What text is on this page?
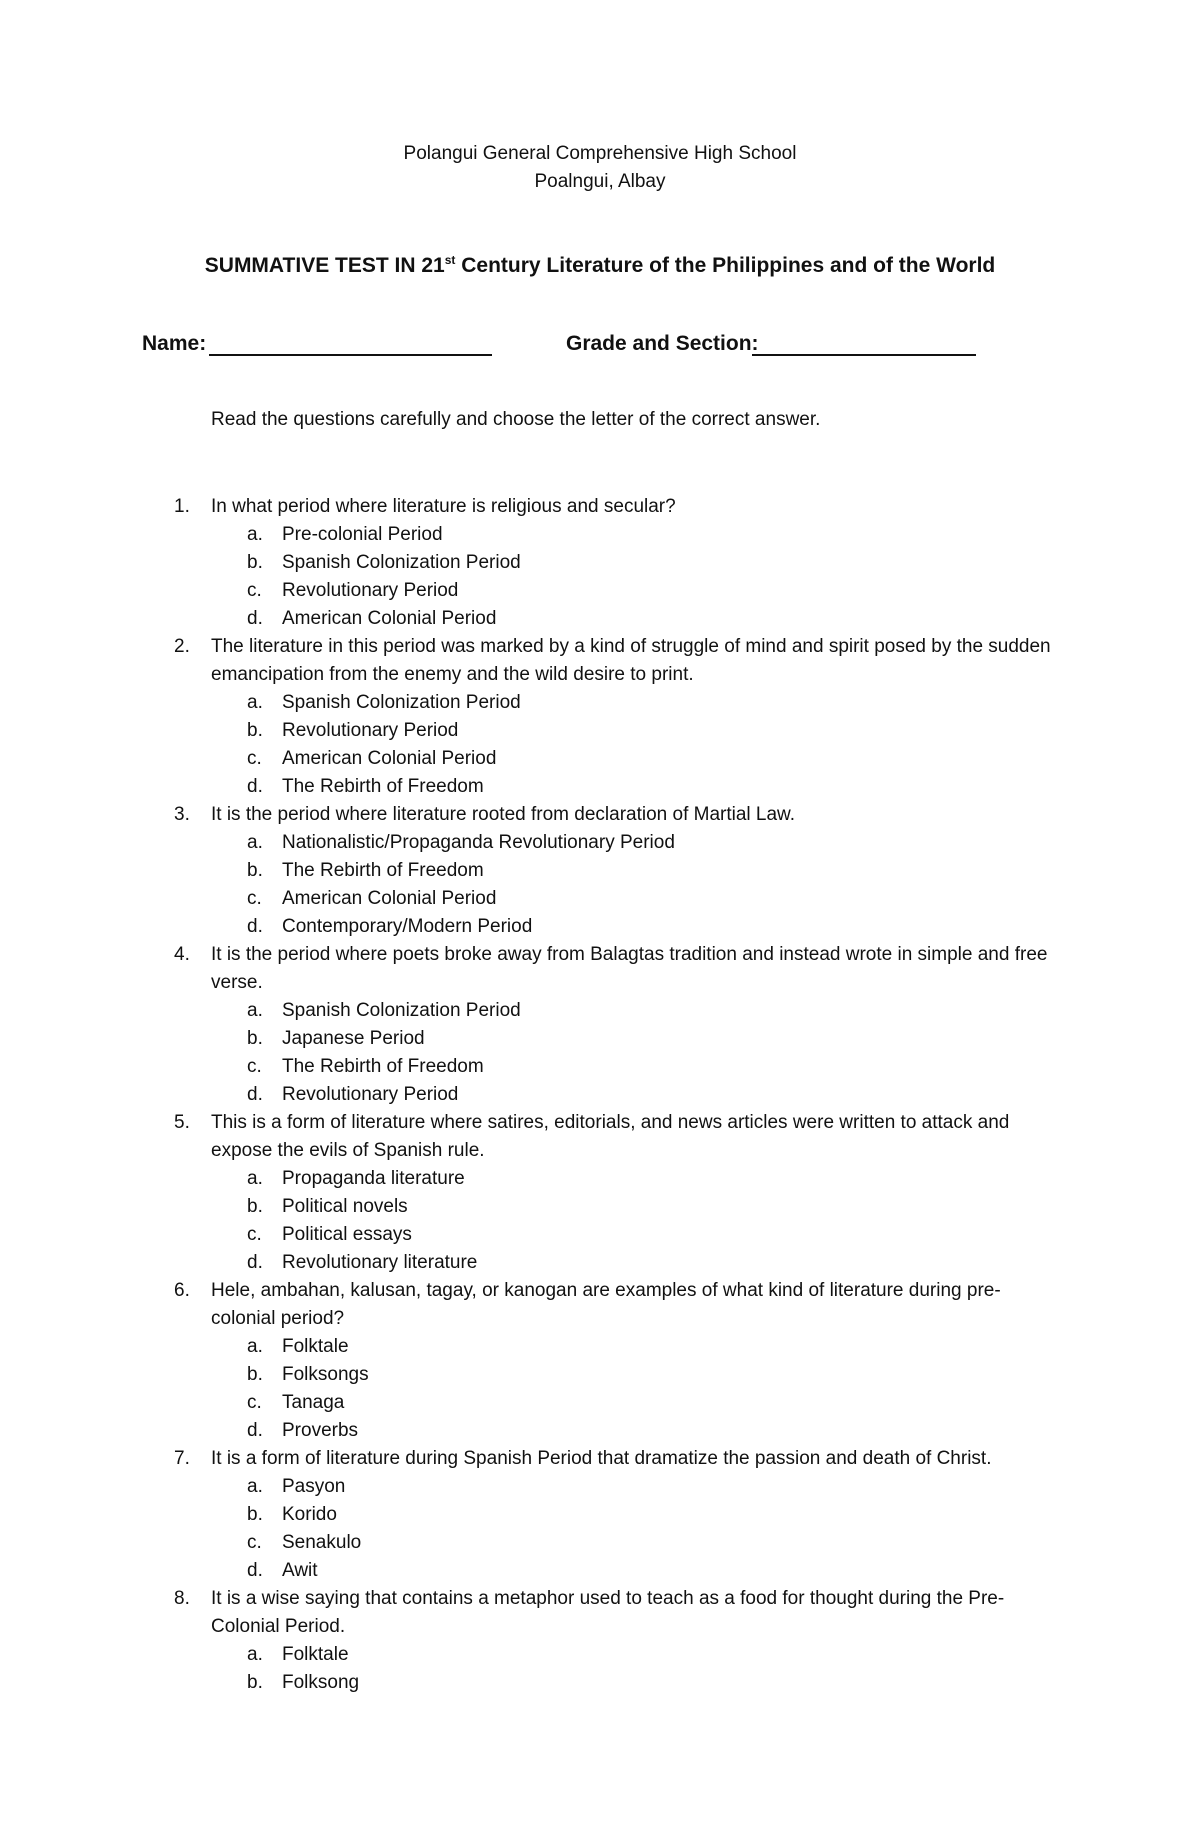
Polangui General Comprehensive High School
Poalngui, Albay
SUMMATIVE TEST IN 21st Century Literature of the Philippines and of the World
Name:	Grade and Section:
Read the questions carefully and choose the letter of the correct answer.
1.	In what period where literature is religious and secular?
a. Pre-colonial Period
b. Spanish Colonization Period
c. Revolutionary Period
d. American Colonial Period
2.	The literature in this period was marked by a kind of struggle of mind and spirit posed by the sudden emancipation from the enemy and the wild desire to print.
a. Spanish Colonization Period
b. Revolutionary Period
c. American Colonial Period
d. The Rebirth of Freedom
3.	It is the period where literature rooted from declaration of Martial Law.
a. Nationalistic/Propaganda Revolutionary Period
b. The Rebirth of Freedom
c. American Colonial Period
d. Contemporary/Modern Period
4.	It is the period where poets broke away from Balagtas tradition and instead wrote in simple and free verse.
a. Spanish Colonization Period
b. Japanese Period
c. The Rebirth of Freedom
d. Revolutionary Period
5.	This is a form of literature where satires, editorials, and news articles were written to attack and expose the evils of Spanish rule.
a. Propaganda literature
b. Political novels
c. Political essays
d. Revolutionary literature
6.	Hele, ambahan, kalusan, tagay, or kanogan are examples of what kind of literature during pre-colonial period?
a. Folktale
b. Folksongs
c. Tanaga
d. Proverbs
7.	It is a form of literature during Spanish Period that dramatize the passion and death of Christ.
a. Pasyon
b. Korido
c. Senakulo
d. Awit
8.	It is a wise saying that contains a metaphor used to teach as a food for thought during the Pre-Colonial Period.
a. Folktale
b. Folksong
